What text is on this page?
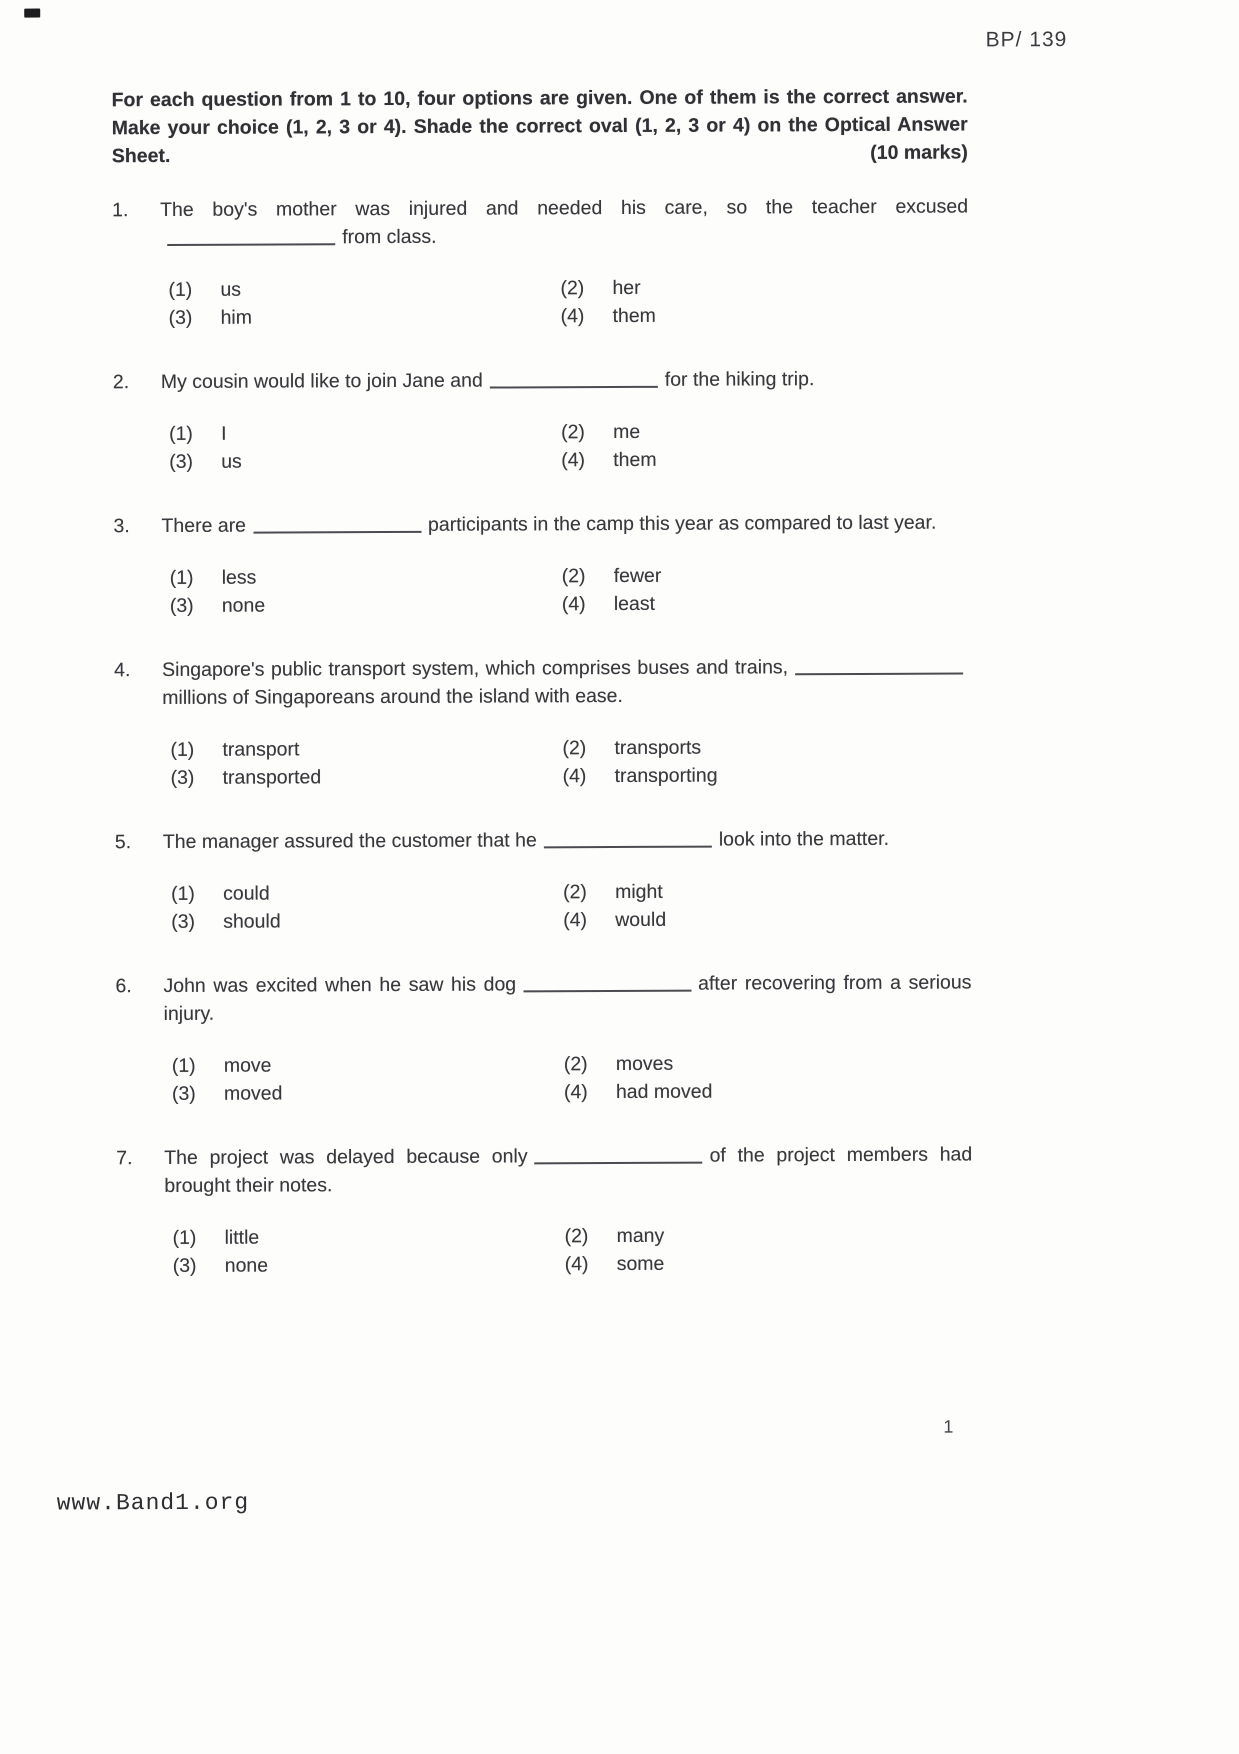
BP/ 139

For each question from 1 to 10, four options are given. One of them is the correct answer. Make your choice (1, 2, 3 or 4). Shade the correct oval (1, 2, 3 or 4) on the Optical Answer Sheet.	(10 marks)
1.	The boy's mother was injured and needed his care, so the teacher excusedfrom class.

(1) us	(2) her
(3) him	(4) them
2.	My cousin would like to join Jane and	for the hiking trip.

(1) I	(2) me
(3) us	(4) them
3.	There are	participants in the camp this year as compared to last year.

(1) less	(2) fewer
(3) none	(4) least
4.	Singapore's public transport system, which comprises buses and trains,millions of Singaporeans around the island with ease.

(1) transport	(2) transports
(3) transported	(4) transporting
5.	The manager assured the customer that he	look into the matter.

(1) could	(2) might
(3) should	(4) would
6.	John was excited when he saw his dog	after recovering from a serious injury.

(1) move	(2) moves
(3) moved	(4) had moved
7.	The project was delayed because only	of the project members had brought their notes.

(1) little	(2) many
(3) none	(4) some
1
www.Band1.org
